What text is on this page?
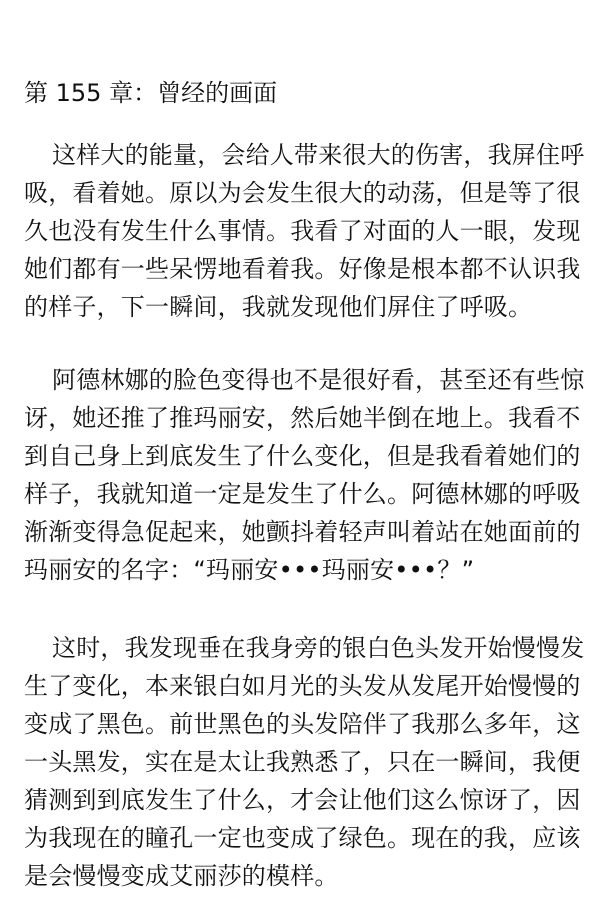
第 155 章：曾经的画面
这样大的能量，会给人带来很大的伤害，我屏住呼
吸，看着她。原以为会发生很大的动荡，但是等了很
久也没有发生什么事情。我看了对面的人一眼，发现
她们都有一些呆愣地看着我。好像是根本都不认识我
的样子，下一瞬间，我就发现他们屏住了呼吸。
阿德林娜的脸色变得也不是很好看，甚至还有些惊
讶，她还推了推玛丽安，然后她半倒在地上。我看不
到自己身上到底发生了什么变化，但是我看着她们的
样子，我就知道一定是发生了什么。阿德林娜的呼吸
渐渐变得急促起来，她颤抖着轻声叫着站在她面前的
玛丽安的名字：“玛丽安•••玛丽安•••？”
这时，我发现垂在我身旁的银白色头发开始慢慢发
生了变化，本来银白如月光的头发从发尾开始慢慢的
变成了黑色。前世黑色的头发陪伴了我那么多年，这
一头黑发，实在是太让我熟悉了，只在一瞬间，我便
猜测到到底发生了什么，才会让他们这么惊讶了，因
为我现在的瞳孔一定也变成了绿色。现在的我，应该
是会慢慢变成艾丽莎的模样。
